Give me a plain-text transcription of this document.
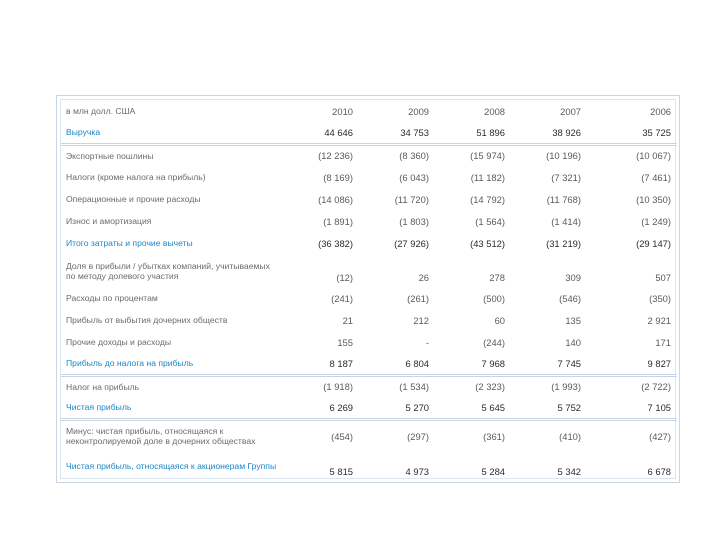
в млн долл. США	2010	2009	2008	2007	2006
Выручка	44 646	34 753	51 896	38 926	35 725
Экспортные пошлины	(12 236)	(8 360)	(15 974)	(10 196)	(10 067)
Налоги (кроме налога на прибыль)	(8 169)	(6 043)	(11 182)	(7 321)	(7 461)
Операционные и прочие расходы	(14 086)	(11 720)	(14 792)	(11 768)	(10 350)
Износ и амортизация	(1 891)	(1 803)	(1 564)	(1 414)	(1 249)
Итого затраты и прочие вычеты	(36 382)	(27 926)	(43 512)	(31 219)	(29 147)
Доля в прибыли / убытках компаний, учитываемых по методу долевого участия	(12)	26	278	309	507
Расходы по процентам	(241)	(261)	(500)	(546)	(350)
Прибыль от выбытия дочерних обществ	21	212	60	135	2 921
Прочие доходы и расходы	155	-	(244)	140	171
Прибыль до налога на прибыль	8 187	6 804	7 968	7 745	9 827
Налог на прибыль	(1 918)	(1 534)	(2 323)	(1 993)	(2 722)
Чистая прибыль	6 269	5 270	5 645	5 752	7 105
Минус: чистая прибыль, относящаяся к неконтролируемой доле в дочерних обществах	(454)	(297)	(361)	(410)	(427)
Чистая прибыль, относящаяся к акционерам Группы	5 815	4 973	5 284	5 342	6 678
